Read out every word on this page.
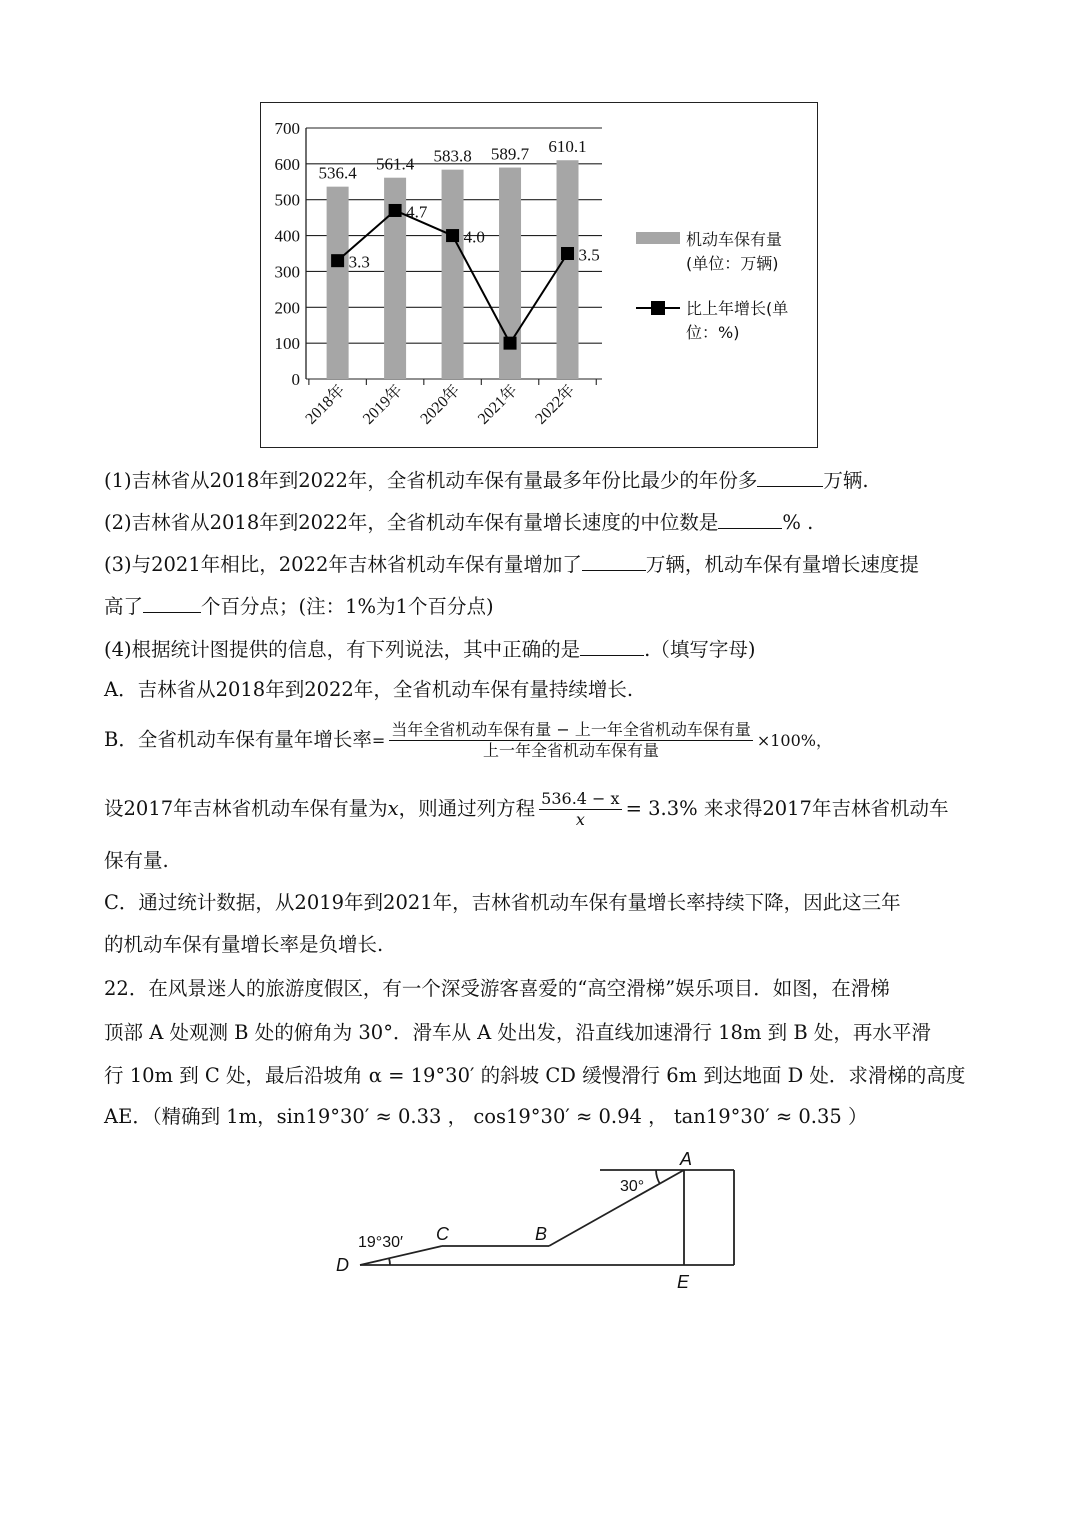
0
100
200
300
400
500
600
700
536.4 561.4 583.8 589.7 610.1
2018年 2019年 2020年 2021年 2022年
3.3
4.7
4.0
3.5
机动车保有量
(单位：万辆)
比上年增长(单
位：%)
(1)吉林省从2018年到2022年，全省机动车保有量最多年份比最少的年份多	万辆.
(2)吉林省从2018年到2022年，全省机动车保有量增长速度的中位数是	% .
(3)与2021年相比，2022年吉林省机动车保有量增加了	万辆，机动车保有量增长速度提
高了	个百分点；(注：1%为1个百分点)
(4)根据统计图提供的信息，有下列说法，其中正确的是	.（填写字母)
A．吉林省从2018年到2022年，全省机动车保有量持续增长.
B．全省机动车保有量年增长率= $\frac{\text{当年全省机动车保有量 − 上一年全省机动车保有量}}{\text{上一年全省机动车保有量}} \times 100\%$，
设2017年吉林省机动车保有量为x，则通过列方程 $\frac{536.4 - x}{x} = 3.3\%$ 来求得2017年吉林省机动车
保有量.
C．通过统计数据，从2019年到2021年，吉林省机动车保有量增长率持续下降，因此这三年
的机动车保有量增长率是负增长.
22．在风景迷人的旅游度假区，有一个深受游客喜爱的“高空滑梯”娱乐项目．如图，在滑梯
顶部 A 处观测 B 处的俯角为 30°．滑车从 A 处出发，沿直线加速滑行 18m 到 B 处，再水平滑
行 10m 到 C 处，最后沿坡角 α = 19°30′ 的斜坡 CD 缓慢滑行 6m 到达地面 D 处．求滑梯的高度
AE．（精确到 1m，sin19°30′ ≈ 0.33 ， cos19°30′ ≈ 0.94 ， tan19°30′ ≈ 0.35 ）
A
B
C
D
E
30°
19°30′
